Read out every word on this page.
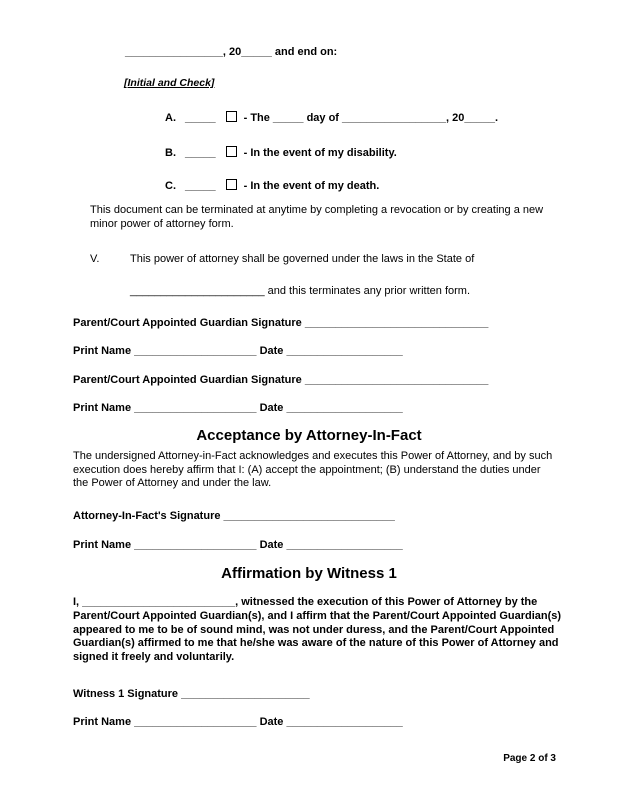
________________, 20_____ and end on:
[Initial and Check]
A. _____	- The _____ day of _________________, 20_____.
B. _____	- In the event of my disability.
C. _____	- In the event of my death.
This document can be terminated at anytime by completing a revocation or by creating a new minor power of attorney form.
V.	This power of attorney shall be governed under the laws in the State of
______________________ and this terminates any prior written form.
Parent/Court Appointed Guardian Signature ______________________________
Print Name ____________________ Date ___________________
Parent/Court Appointed Guardian Signature ______________________________
Print Name ____________________ Date ___________________
Acceptance by Attorney-In-Fact
The undersigned Attorney-in-Fact acknowledges and executes this Power of Attorney, and by such execution does hereby affirm that I: (A) accept the appointment; (B) understand the duties under the Power of Attorney and under the law.
Attorney-In-Fact's Signature ____________________________
Print Name ____________________ Date ___________________
Affirmation by Witness 1
I, _________________________, witnessed the execution of this Power of Attorney by the Parent/Court Appointed Guardian(s), and I affirm that the Parent/Court Appointed Guardian(s) appeared to me to be of sound mind, was not under duress, and the Parent/Court Appointed Guardian(s) affirmed to me that he/she was aware of the nature of this Power of Attorney and signed it freely and voluntarily.
Witness 1 Signature _____________________
Print Name ____________________ Date ___________________
Page 2 of 3
